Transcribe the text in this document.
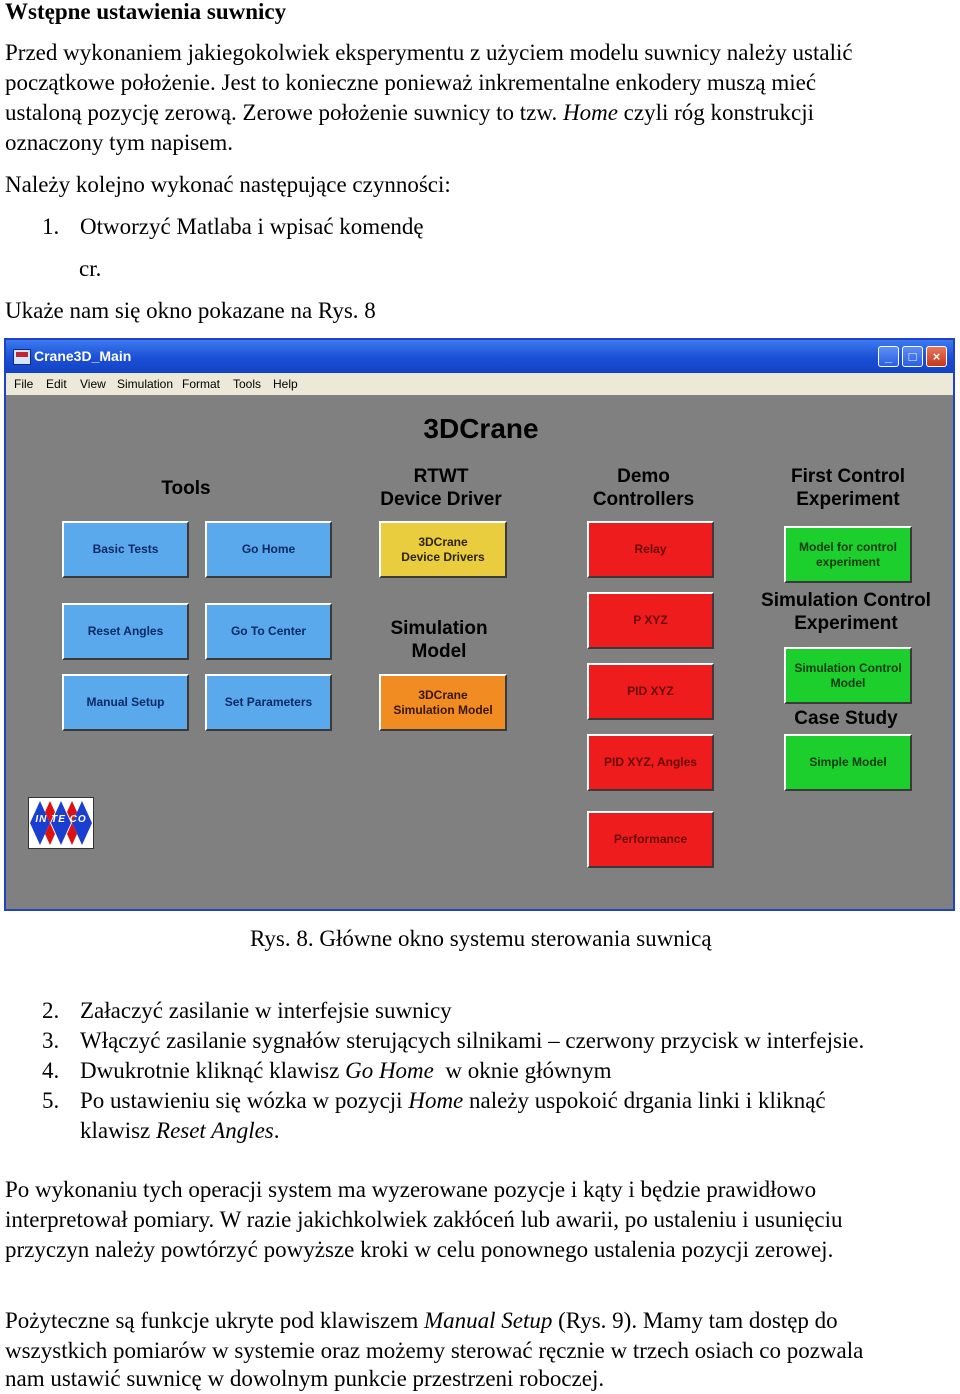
Wstępne ustawienia suwnicy

Przed wykonaniem jakiegokolwiek eksperymentu z użyciem modelu suwnicy należy ustalić

początkowe położenie. Jest to konieczne ponieważ inkrementalne enkodery muszą mieć

ustaloną pozycję zerową. Zerowe położenie suwnicy to tzw. Home czyli róg konstrukcji

oznaczony tym napisem.

Należy kolejno wykonać następujące czynności:

1. Otworzyć Matlaba i wpisać komendę
cr.

Ukaże nam się okno pokazane na Rys. 8

Crane3D_Main	_	□	×
File Edit View Simulation Format Tools Help
3DCrane
Tools
RTWT
Device Driver
Demo
Controllers
First Control
Experiment
Simulation
Model
Simulation Control
Experiment
Case Study
Basic Tests	Go Home
Reset Angles	Go To Center
Manual Setup	Set Parameters
3DCrane
Device Drivers
3DCrane
Simulation Model
Relay
P XYZ
PID XYZ
PID XYZ, Angles
Performance
Model for control
experiment
Simulation Control
Model
Simple Model
IN TE CO

Rys. 8. Główne okno systemu sterowania suwnicą

2. Załaczyć zasilanie w interfejsie suwnicy
3. Włączyć zasilanie sygnałów sterujących silnikami – czerwony przycisk w interfejsie.
4. Dwukrotnie kliknąć klawisz Go Home  w oknie głównym
5. Po ustawieniu się wózka w pozycji Home należy uspokoić drgania linki i kliknąć
klawisz Reset Angles.

Po wykonaniu tych operacji system ma wyzerowane pozycje i kąty i będzie prawidłowo

interpretował pomiary. W razie jakichkolwiek zakłóceń lub awarii, po ustaleniu i usunięciu

przyczyn należy powtórzyć powyższe kroki w celu ponownego ustalenia pozycji zerowej.

Pożyteczne są funkcje ukryte pod klawiszem Manual Setup (Rys. 9). Mamy tam dostęp do

wszystkich pomiarów w systemie oraz możemy sterować ręcznie w trzech osiach co pozwala

nam ustawić suwnicę w dowolnym punkcie przestrzeni roboczej.
